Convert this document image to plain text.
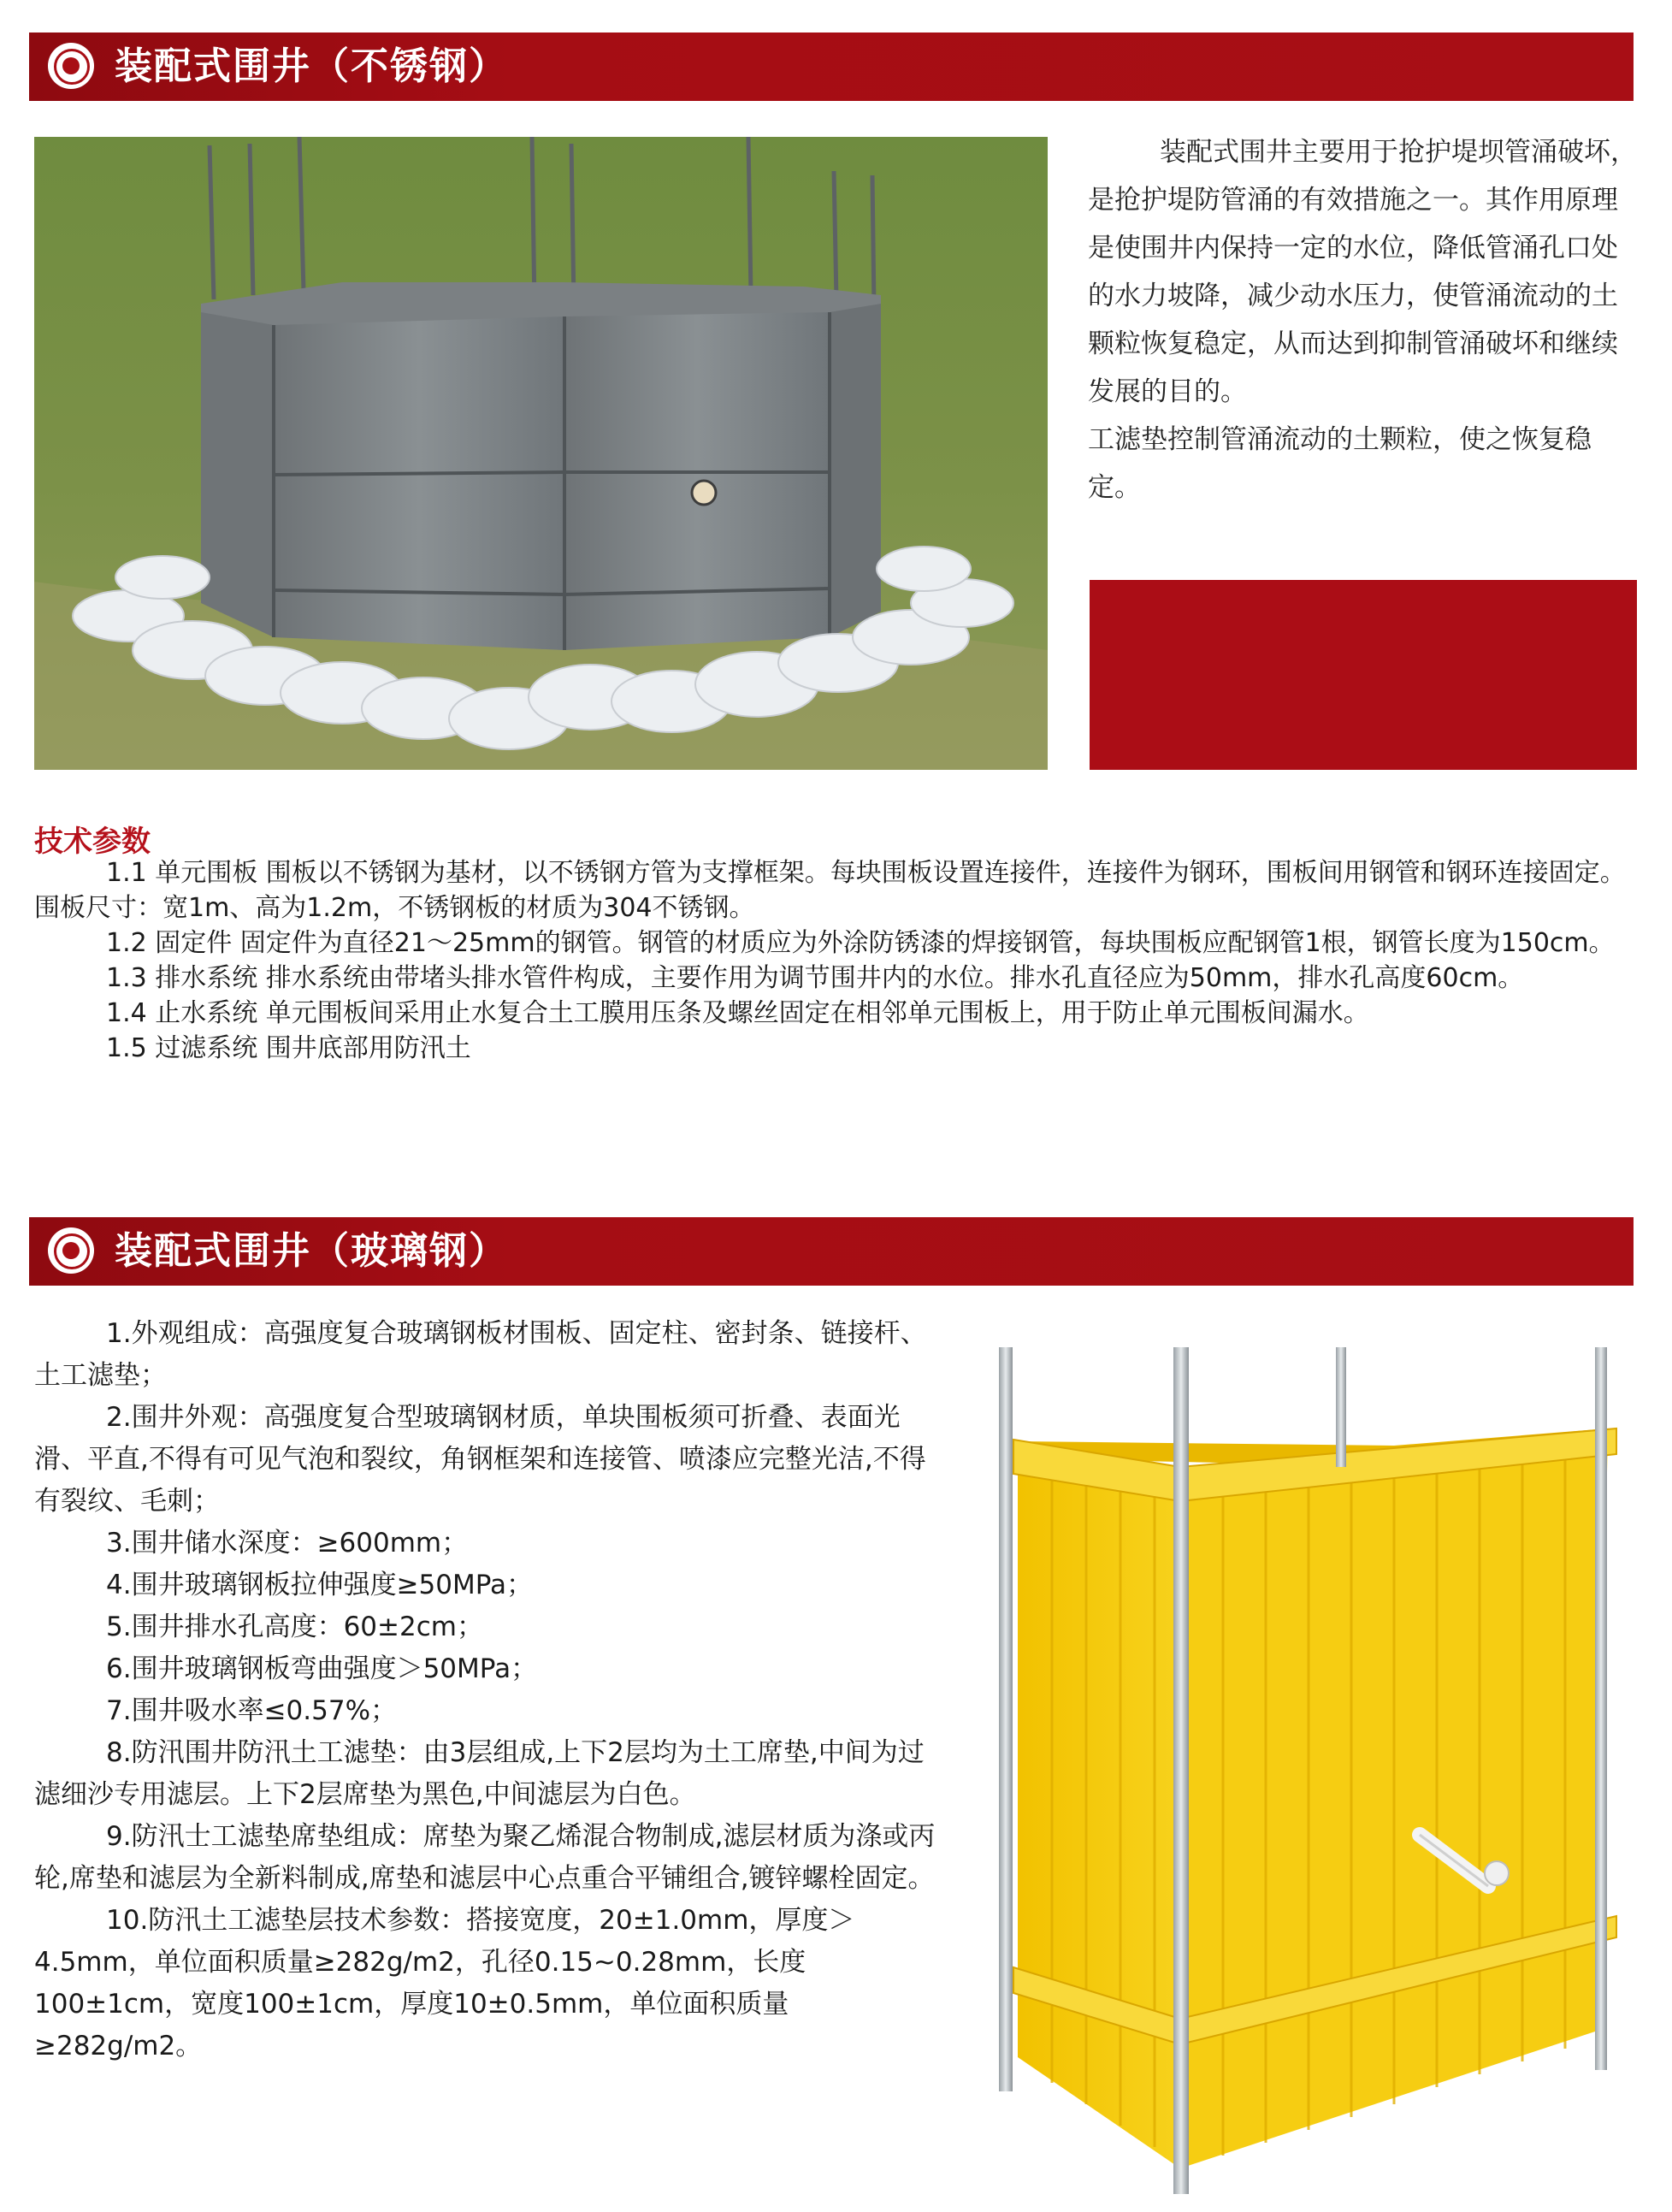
装配式围井（不锈钢）

装配式围井主要用于抢护堤坝管涌破坏，是抢护堤防管涌的有效措施之一。其作用原理是使围井内保持一定的水位，降低管涌孔口处的水力坡降，减少动水压力，使管涌流动的土颗粒恢复稳定，从而达到抑制管涌破坏和继续发展的目的。

工滤垫控制管涌流动的土颗粒，使之恢复稳定。

技术参数

1.1 单元围板 围板以不锈钢为基材，以不锈钢方管为支撑框架。每块围板设置连接件，连接件为钢环，围板间用钢管和钢环连接固定。围板尺寸：宽1m、高为1.2m，不锈钢板的材质为304不锈钢。

1.2 固定件 固定件为直径21～25mm的钢管。钢管的材质应为外涂防锈漆的焊接钢管，每块围板应配钢管1根，钢管长度为150cm。

1.3 排水系统 排水系统由带堵头排水管件构成，主要作用为调节围井内的水位。排水孔直径应为50mm，排水孔高度60cm。

1.4 止水系统 单元围板间采用止水复合土工膜用压条及螺丝固定在相邻单元围板上，用于防止单元围板间漏水。

1.5 过滤系统 围井底部用防汛土

装配式围井（玻璃钢）

1.外观组成：高强度复合玻璃钢板材围板、固定柱、密封条、链接杆、土工滤垫；

2.围井外观：高强度复合型玻璃钢材质，单块围板须可折叠、表面光滑、平直,不得有可见气泡和裂纹，角钢框架和连接管、喷漆应完整光洁,不得有裂纹、毛刺；

3.围井储水深度：≥600mm；

4.围井玻璃钢板拉伸强度≥50MPa；

5.围井排水孔高度：60±2cm；

6.围井玻璃钢板弯曲强度＞50MPa；

7.围井吸水率≤0.57%；

8.防汛围井防汛土工滤垫：由3层组成,上下2层均为土工席垫,中间为过滤细沙专用滤层。上下2层席垫为黑色,中间滤层为白色。

9.防汛士工滤垫席垫组成：席垫为聚乙烯混合物制成,滤层材质为涤或丙轮,席垫和滤层为全新料制成,席垫和滤层中心点重合平铺组合,镀锌螺栓固定。

10.防汛土工滤垫层技术参数：搭接宽度，20±1.0mm，厚度＞4.5mm，单位面积质量≥282g/m2，孔径0.15~0.28mm，长度100±1cm，宽度100±1cm，厚度10±0.5mm，单位面积质量≥282g/m2。
